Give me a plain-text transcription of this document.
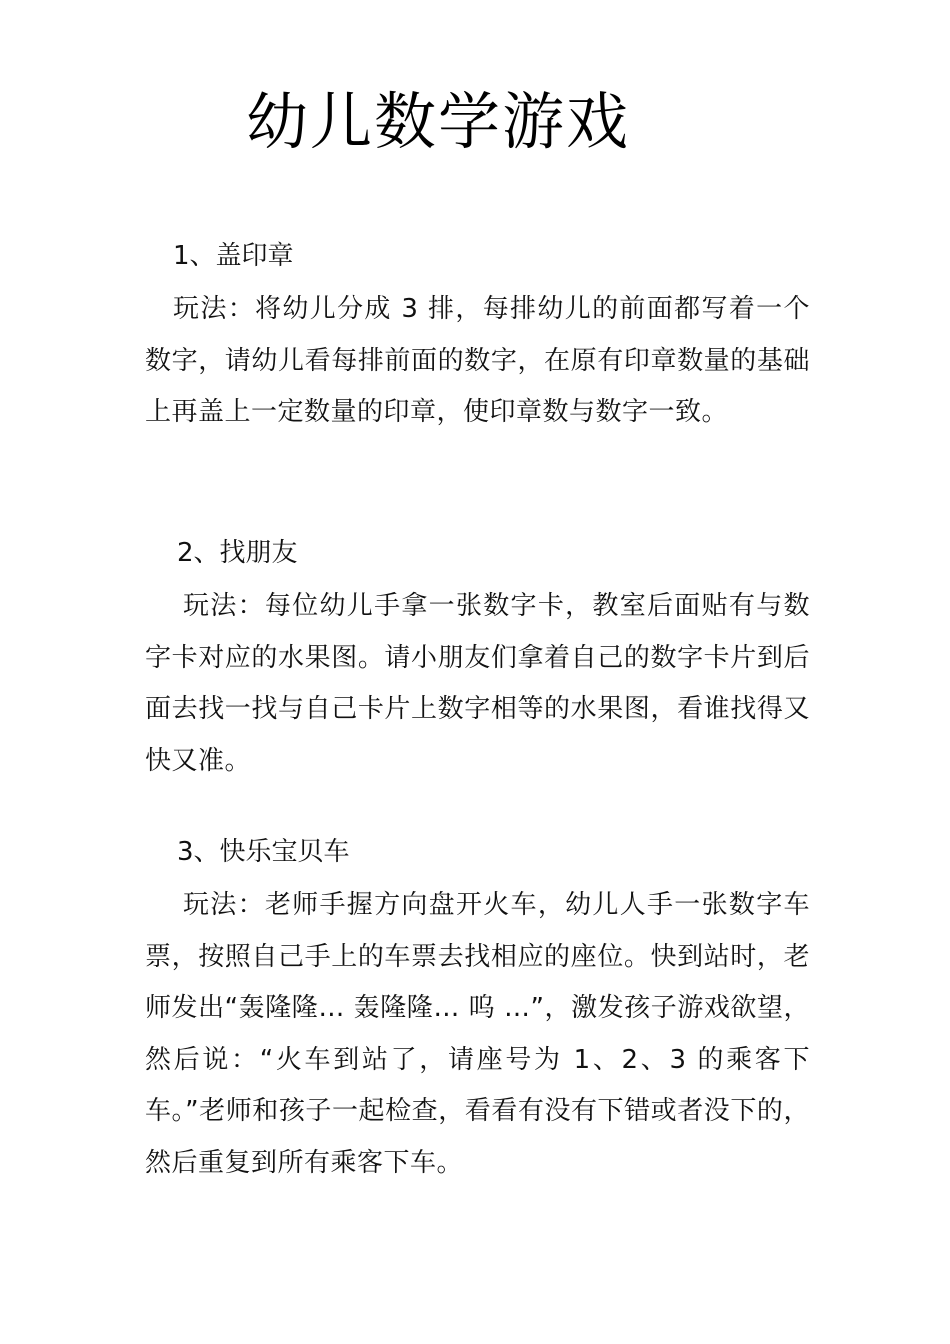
幼儿数学游戏

1、盖印章

玩法：将幼儿分成 3 排，每排幼儿的前面都写着一个数字，请幼儿看每排前面的数字，在原有印章数量的基础上再盖上一定数量的印章，使印章数与数字一致。

2、找朋友

玩法：每位幼儿手拿一张数字卡，教室后面贴有与数字卡对应的水果图。请小朋友们拿着自己的数字卡片到后面去找一找与自己卡片上数字相等的水果图，看谁找得又快又准。

3、快乐宝贝车

玩法：老师手握方向盘开火车，幼儿人手一张数字车票，按照自己手上的车票去找相应的座位。快到站时，老师发出“轰隆隆… 轰隆隆… 呜 …”，激发孩子游戏欲望，然后说：“火车到站了，请座号为 1、2、3 的乘客下车。”老师和孩子一起检查，看看有没有下错或者没下的，然后重复到所有乘客下车。
